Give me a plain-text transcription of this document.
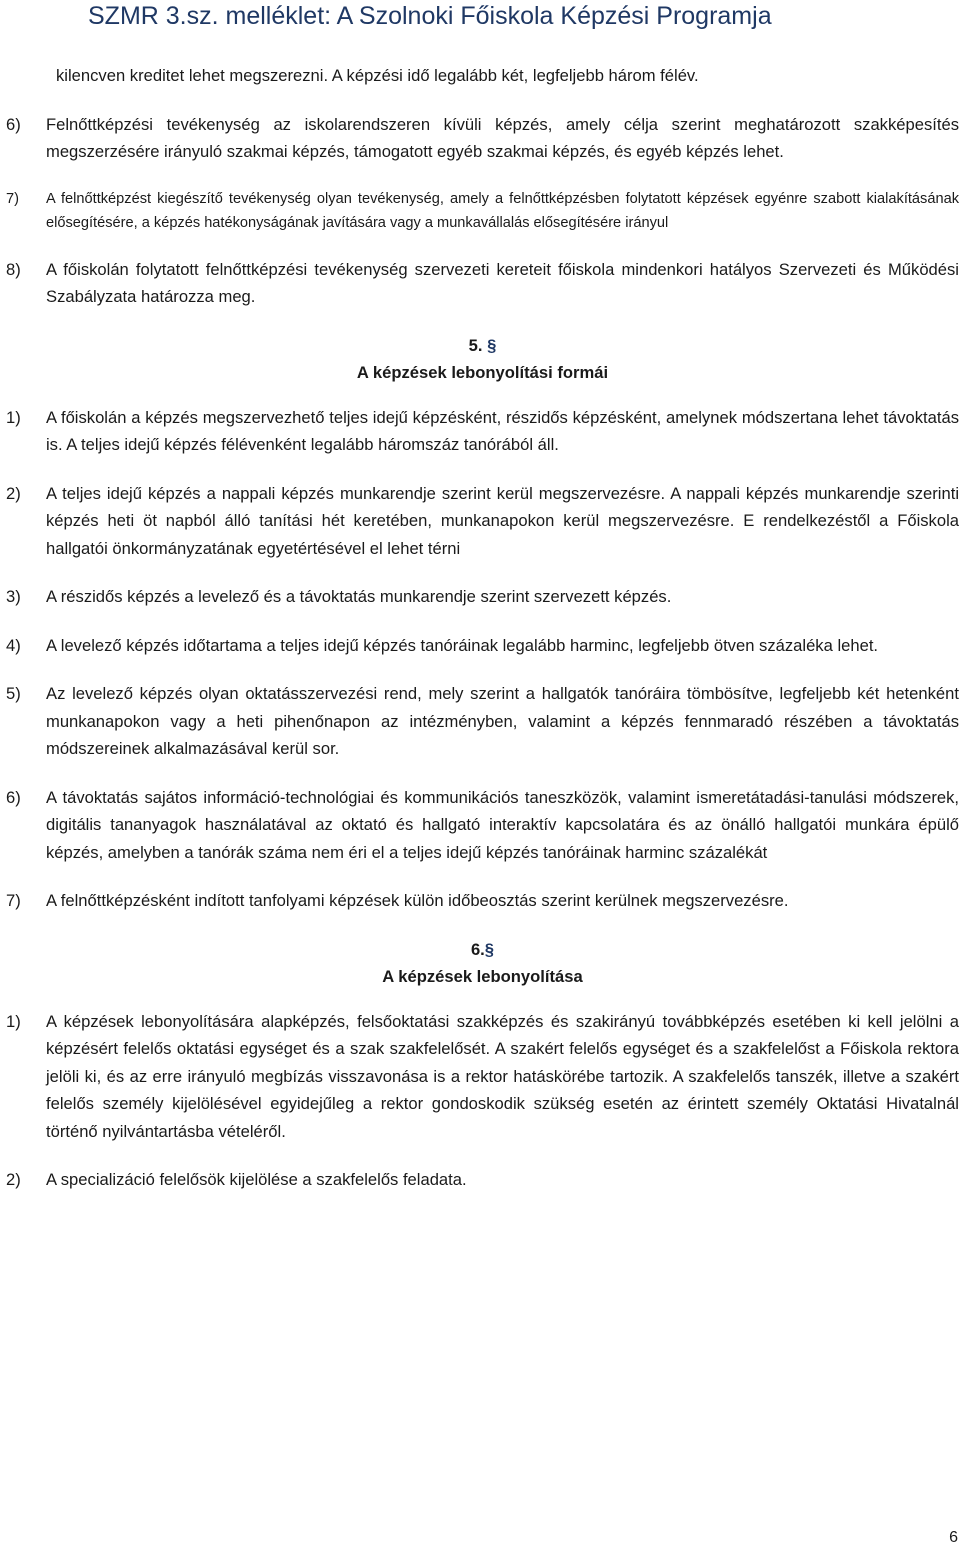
SZMR 3.sz. melléklet: A Szolnoki Főiskola Képzési Programja

kilencven kreditet lehet megszerezni. A képzési idő legalább két, legfeljebb három félév.

6)	Felnőttképzési tevékenység az iskolarendszeren kívüli képzés, amely célja szerint meghatározott szakképesítés megszerzésére irányuló szakmai képzés, támogatott egyéb szakmai képzés, és egyéb képzés lehet.
7)	A felnőttképzést kiegészítő tevékenység olyan tevékenység, amely a felnőttképzésben folytatott képzések egyénre szabott kialakításának elősegítésére, a képzés hatékonyságának javítására vagy a munkavállalás elősegítésére irányul
8)	A főiskolán folytatott felnőttképzési tevékenység szervezeti kereteit főiskola mindenkori hatályos Szervezeti és Működési Szabályzata határozza meg.
5. §
A képzések lebonyolítási formái
1)	A főiskolán a képzés megszervezhető teljes idejű képzésként, részidős képzésként, amelynek módszertana lehet távoktatás is. A teljes idejű képzés félévenként legalább háromszáz tanórából áll.
2)	A teljes idejű képzés a nappali képzés munkarendje szerint kerül megszervezésre. A nappali képzés munkarendje szerinti képzés heti öt napból álló tanítási hét keretében, munkanapokon kerül megszervezésre. E rendelkezéstől a Főiskola hallgatói önkormányzatának egyetértésével el lehet térni
3)	A részidős képzés a levelező és a távoktatás munkarendje szerint szervezett képzés.
4)	A levelező képzés időtartama a teljes idejű képzés tanóráinak legalább harminc, legfeljebb ötven százaléka lehet.
5)	Az levelező képzés olyan oktatásszervezési rend, mely szerint a hallgatók tanóráira tömbösítve, legfeljebb két hetenként munkanapokon vagy a heti pihenőnapon az intézményben, valamint a képzés fennmaradó részében a távoktatás módszereinek alkalmazásával kerül sor.
6)	A távoktatás sajátos információ-technológiai és kommunikációs taneszközök, valamint ismeretátadási-tanulási módszerek, digitális tananyagok használatával az oktató és hallgató interaktív kapcsolatára és az önálló hallgatói munkára épülő képzés, amelyben a tanórák száma nem éri el a teljes idejű képzés tanóráinak harminc százalékát
7)	A felnőttképzésként indított tanfolyami képzések külön időbeosztás szerint kerülnek megszervezésre.
6.§
A képzések lebonyolítása
1)	A képzések lebonyolítására alapképzés, felsőoktatási szakképzés és szakirányú továbbképzés esetében ki kell jelölni a képzésért felelős oktatási egységet és a szak szakfelelősét. A szakért felelős egységet és a szakfelelőst a Főiskola rektora jelöli ki, és az erre irányuló megbízás visszavonása is a rektor hatáskörébe tartozik. A szakfelelős tanszék, illetve a szakért felelős személy kijelölésével egyidejűleg a rektor gondoskodik szükség esetén az érintett személy Oktatási Hivatalnál történő nyilvántartásba vételéről.
2)	A specializáció felelősök kijelölése a szakfelelős feladata.
6
